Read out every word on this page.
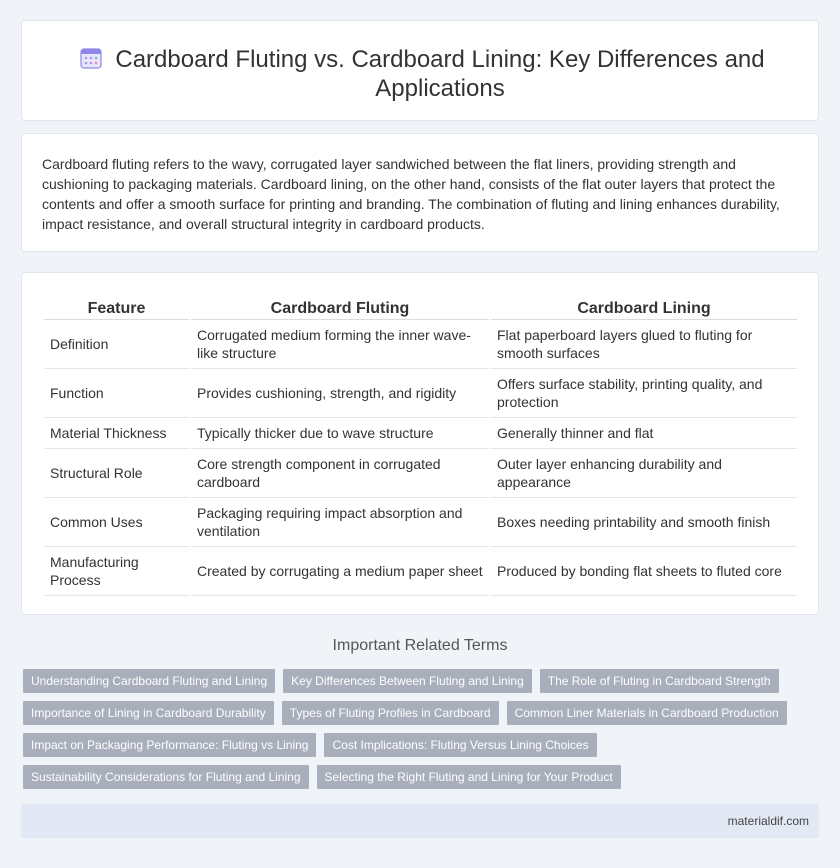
Cardboard Fluting vs. Cardboard Lining: Key Differences and Applications

Cardboard fluting refers to the wavy, corrugated layer sandwiched between the flat liners, providing strength and cushioning to packaging materials. Cardboard lining, on the other hand, consists of the flat outer layers that protect the contents and offer a smooth surface for printing and branding. The combination of fluting and lining enhances durability, impact resistance, and overall structural integrity in cardboard products.

Feature	Cardboard Fluting	Cardboard Lining
Definition	Corrugated medium forming the inner wave-like structure	Flat paperboard layers glued to fluting for smooth surfaces
Function	Provides cushioning, strength, and rigidity	Offers surface stability, printing quality, and protection
Material Thickness	Typically thicker due to wave structure	Generally thinner and flat
Structural Role	Core strength component in corrugated cardboard	Outer layer enhancing durability and appearance
Common Uses	Packaging requiring impact absorption and ventilation	Boxes needing printability and smooth finish
Manufacturing Process	Created by corrugating a medium paper sheet	Produced by bonding flat sheets to fluted core
Important Related Terms
Understanding Cardboard Fluting and Lining	Key Differences Between Fluting and Lining	The Role of Fluting in Cardboard Strength
Importance of Lining in Cardboard Durability	Types of Fluting Profiles in Cardboard	Common Liner Materials in Cardboard Production
Impact on Packaging Performance: Fluting vs Lining	Cost Implications: Fluting Versus Lining Choices
Sustainability Considerations for Fluting and Lining	Selecting the Right Fluting and Lining for Your Product
materialdif.com
